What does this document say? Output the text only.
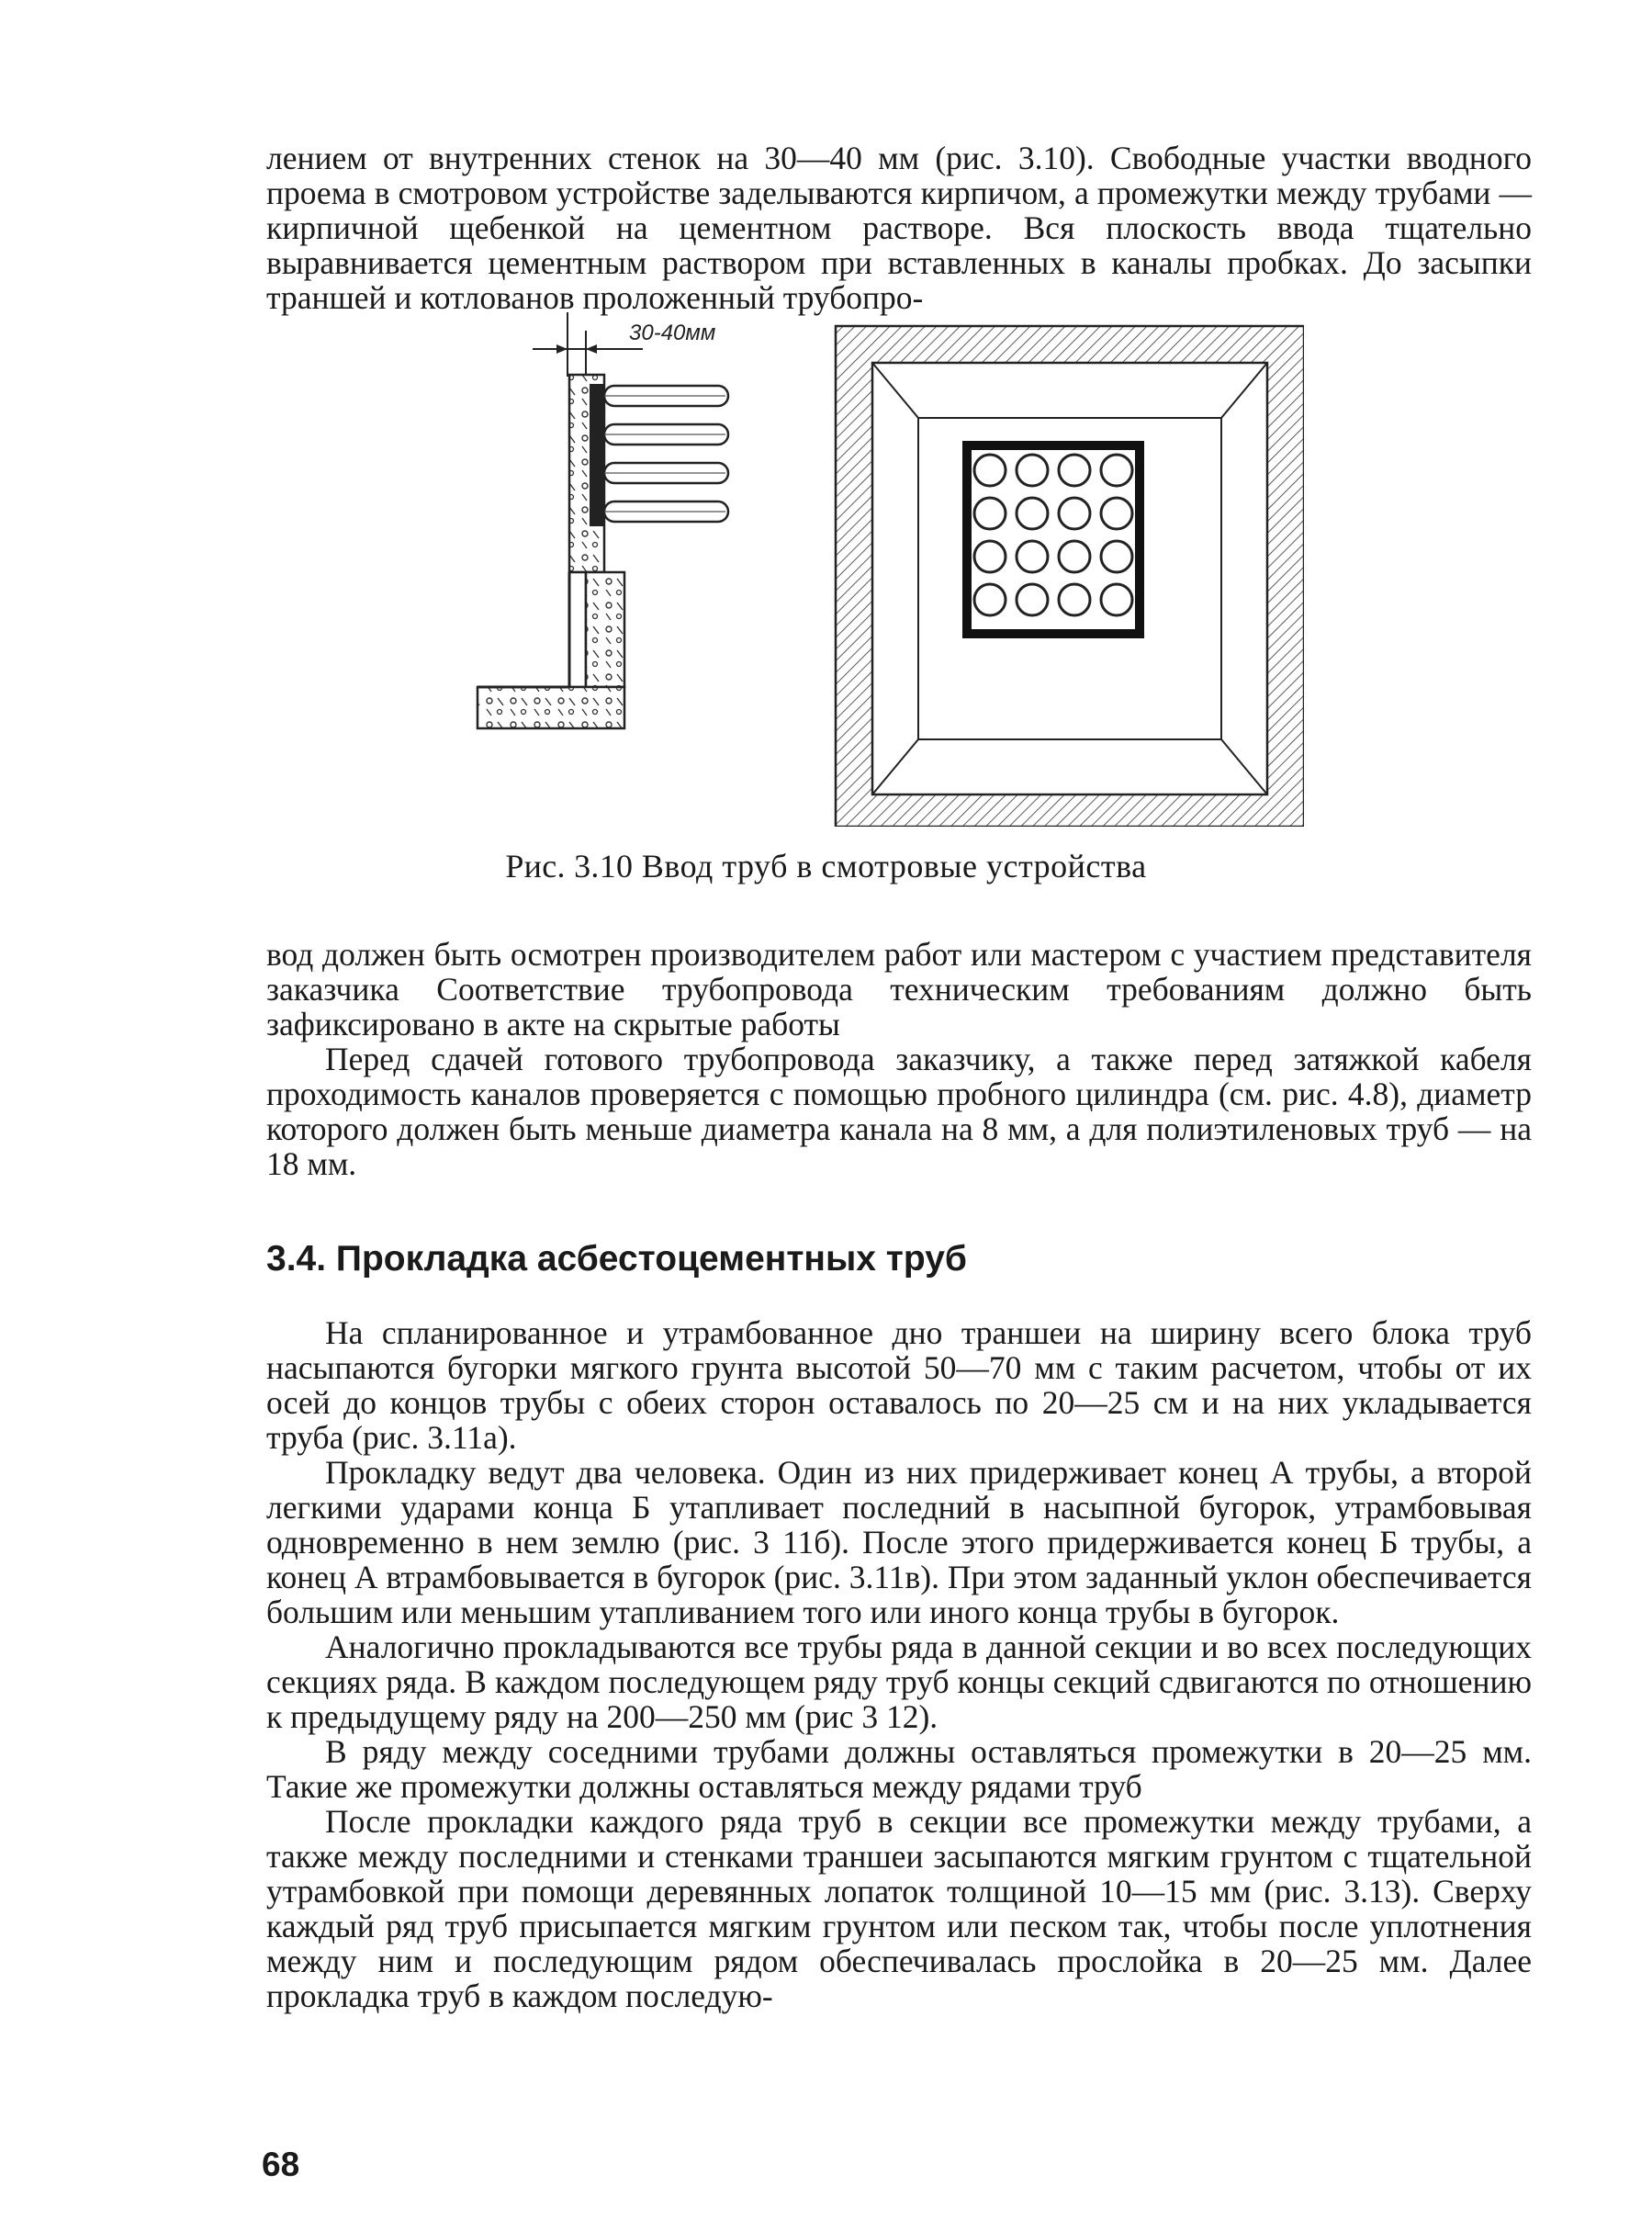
лением от внутренних стенок на 30—40 мм (рис. 3.10). Свободные участки вводного проема в смотровом устройстве заделываются кирпичом, а промежутки между трубами — кирпичной щебенкой на цементном растворе. Вся плоскость ввода тщательно выравнивается цементным раствором при вставленных в каналы пробках. До засыпки траншей и котлованов проложенный трубопро-

30-40мм
Рис. 3.10 Ввод труб в смотровые устройства

вод должен быть осмотрен производителем работ или мастером с участием представителя заказчика Соответствие трубопровода техническим требованиям должно быть зафиксировано в акте на скрытые работы

Перед сдачей готового трубопровода заказчику, а также перед затяжкой кабеля проходимость каналов проверяется с помощью пробного цилиндра (см. рис. 4.8), диаметр которого должен быть меньше диаметра канала на 8 мм, а для полиэтиленовых труб — на 18 мм.

3.4. Прокладка асбестоцементных труб

На спланированное и утрамбованное дно траншеи на ширину всего блока труб насыпаются бугорки мягкого грунта высотой 50—70 мм с таким расчетом, чтобы от их осей до концов трубы с обеих сторон оставалось по 20—25 см и на них укладывается труба (рис. 3.11а).

Прокладку ведут два человека. Один из них придерживает конец А трубы, а второй легкими ударами конца Б утапливает последний в насыпной бугорок, утрамбовывая одновременно в нем землю (рис. 3 11б). После этого придерживается конец Б трубы, а конец А втрамбовывается в бугорок (рис. 3.11в). При этом заданный уклон обеспечивается большим или меньшим утапливанием того или иного конца трубы в бугорок.

Аналогично прокладываются все трубы ряда в данной секции и во всех последующих секциях ряда. В каждом последующем ряду труб концы секций сдвигаются по отношению к предыдущему ряду на 200—250 мм (рис 3 12).

В ряду между соседними трубами должны оставляться промежутки в 20—25 мм. Такие же промежутки должны оставляться между рядами труб

После прокладки каждого ряда труб в секции все промежутки между трубами, а также между последними и стенками траншеи засыпаются мягким грунтом с тщательной утрамбовкой при помощи деревянных лопаток толщиной 10—15 мм (рис. 3.13). Сверху каждый ряд труб присыпается мягким грунтом или песком так, чтобы после уплотнения между ним и последующим рядом обеспечивалась прослойка в 20—25 мм. Далее прокладка труб в каждом последую-

68
